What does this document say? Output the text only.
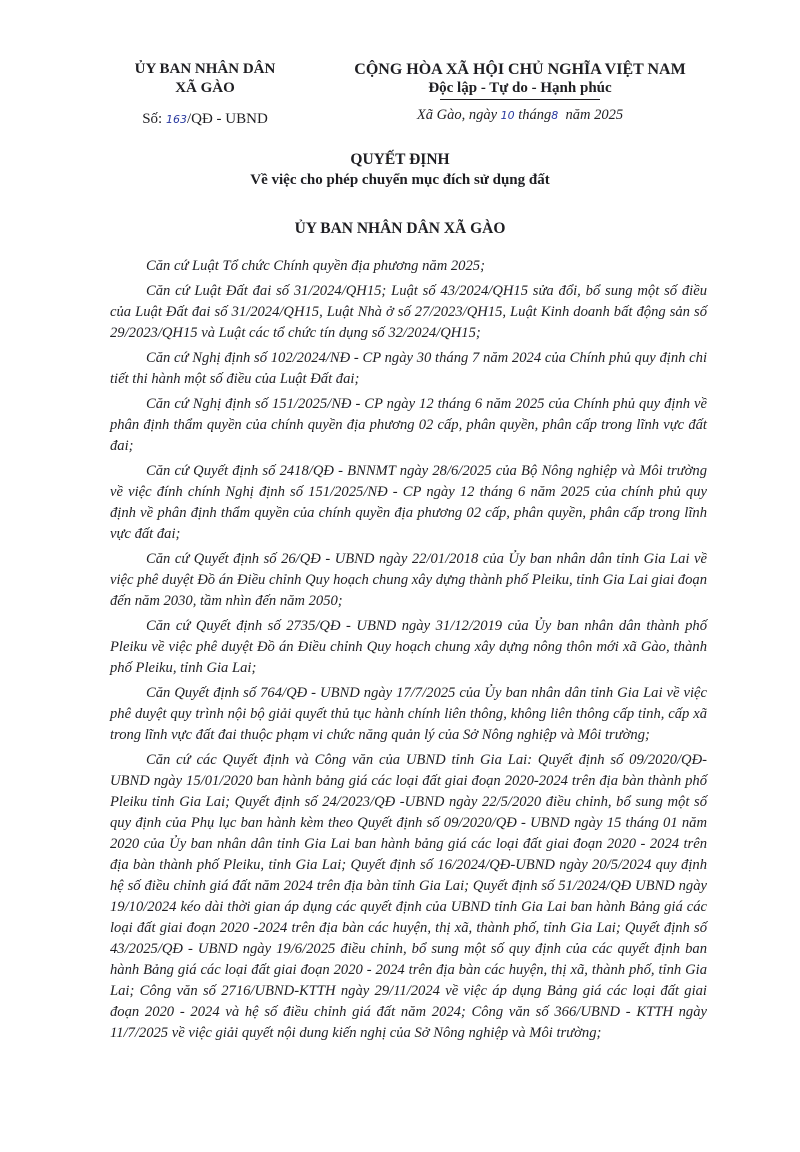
ỦY BAN NHÂN DÂN
XÃ GÀO
Số: 163/QĐ - UBND
CỘNG HÒA XÃ HỘI CHỦ NGHĨA VIỆT NAM
Độc lập - Tự do - Hạnh phúc
Xã Gào, ngày 10 tháng8 năm 2025
QUYẾT ĐỊNH
Về việc cho phép chuyển mục đích sử dụng đất
ỦY BAN NHÂN DÂN XÃ GÀO

Căn cứ Luật Tổ chức Chính quyền địa phương năm 2025;

Căn cứ Luật Đất đai số 31/2024/QH15; Luật số 43/2024/QH15 sửa đổi, bổ sung một số điều của Luật Đất đai số 31/2024/QH15, Luật Nhà ở số 27/2023/QH15, Luật Kinh doanh bất động sản số 29/2023/QH15 và Luật các tổ chức tín dụng số 32/2024/QH15;

Căn cứ Nghị định số 102/2024/NĐ - CP ngày 30 tháng 7 năm 2024 của Chính phủ quy định chi tiết thi hành một số điều của Luật Đất đai;

Căn cứ Nghị định số 151/2025/NĐ - CP ngày 12 tháng 6 năm 2025 của Chính phủ quy định về phân định thẩm quyền của chính quyền địa phương 02 cấp, phân quyền, phân cấp trong lĩnh vực đất đai;

Căn cứ Quyết định số 2418/QĐ - BNNMT ngày 28/6/2025 của Bộ Nông nghiệp và Môi trường về việc đính chính Nghị định số 151/2025/NĐ - CP ngày 12 tháng 6 năm 2025 của chính phủ quy định về phân định thẩm quyền của chính quyền địa phương 02 cấp, phân quyền, phân cấp trong lĩnh vực đất đai;

Căn cứ Quyết định số 26/QĐ - UBND ngày 22/01/2018 của Ủy ban nhân dân tỉnh Gia Lai về việc phê duyệt Đồ án Điều chỉnh Quy hoạch chung xây dựng thành phố Pleiku, tỉnh Gia Lai giai đoạn đến năm 2030, tầm nhìn đến năm 2050;

Căn cứ Quyết định số 2735/QĐ - UBND ngày 31/12/2019 của Ủy ban nhân dân thành phố Pleiku về việc phê duyệt Đồ án Điều chỉnh Quy hoạch chung xây dựng nông thôn mới xã Gào, thành phố Pleiku, tỉnh Gia Lai;

Căn Quyết định số 764/QĐ - UBND ngày 17/7/2025 của Ủy ban nhân dân tỉnh Gia Lai về việc phê duyệt quy trình nội bộ giải quyết thủ tục hành chính liên thông, không liên thông cấp tỉnh, cấp xã trong lĩnh vực đất đai thuộc phạm vi chức năng quản lý của Sở Nông nghiệp và Môi trường;

Căn cứ các Quyết định và Công văn của UBND tỉnh Gia Lai: Quyết định số 09/2020/QĐ-UBND ngày 15/01/2020 ban hành bảng giá các loại đất giai đoạn 2020-2024 trên địa bàn thành phố Pleiku tỉnh Gia Lai; Quyết định số 24/2023/QĐ -UBND ngày 22/5/2020 điều chỉnh, bổ sung một số quy định của Phụ lục ban hành kèm theo Quyết định số 09/2020/QĐ - UBND ngày 15 tháng 01 năm 2020 của Ủy ban nhân dân tỉnh Gia Lai ban hành bảng giá các loại đất giai đoạn 2020 - 2024 trên địa bàn thành phố Pleiku, tỉnh Gia Lai; Quyết định số 16/2024/QĐ-UBND ngày 20/5/2024 quy định hệ số điều chỉnh giá đất năm 2024 trên địa bàn tỉnh Gia Lai; Quyết định số 51/2024/QĐ UBND ngày 19/10/2024 kéo dài thời gian áp dụng các quyết định của UBND tỉnh Gia Lai ban hành Bảng giá các loại đất giai đoạn 2020 -2024 trên địa bàn các huyện, thị xã, thành phố, tỉnh Gia Lai; Quyết định số 43/2025/QĐ - UBND ngày 19/6/2025 điều chỉnh, bổ sung một số quy định của các quyết định ban hành Bảng giá các loại đất giai đoạn 2020 - 2024 trên địa bàn các huyện, thị xã, thành phố, tỉnh Gia Lai; Công văn số 2716/UBND-KTTH ngày 29/11/2024 về việc áp dụng Bảng giá các loại đất giai đoạn 2020 - 2024 và hệ số điều chỉnh giá đất năm 2024; Công văn số 366/UBND - KTTH ngày 11/7/2025 về việc giải quyết nội dung kiến nghị của Sở Nông nghiệp và Môi trường;
